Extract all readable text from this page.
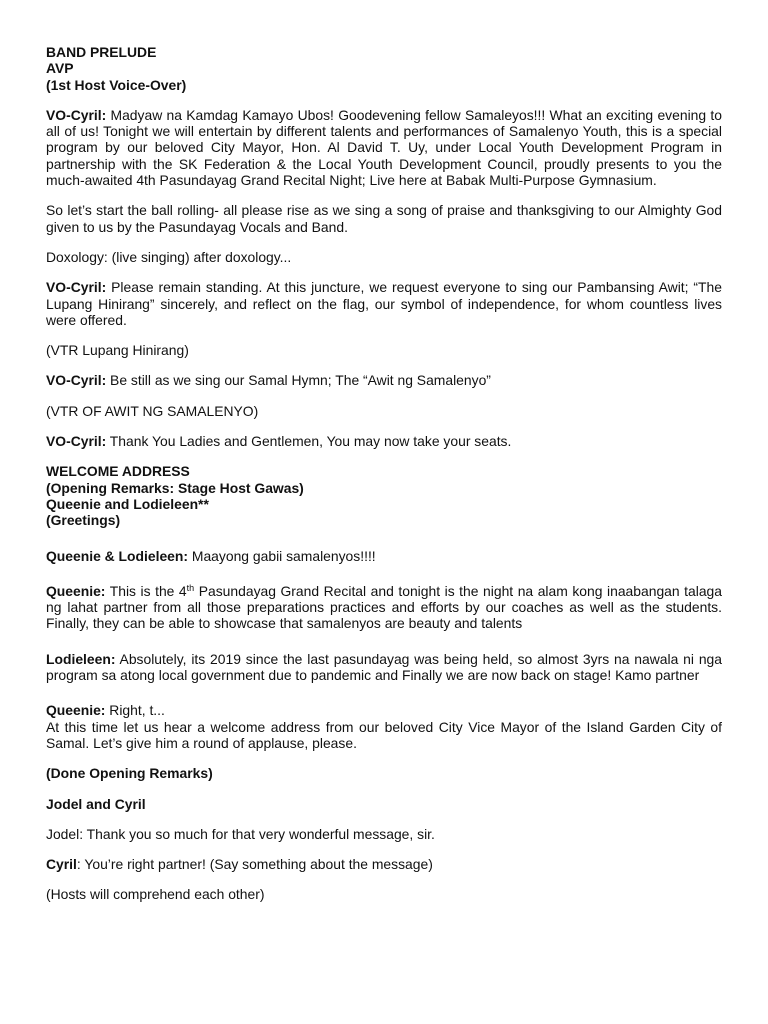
BAND PRELUDE

AVP

(1st Host Voice-Over)

VO-Cyril: Madyaw na Kamdag Kamayo Ubos! Goodevening fellow Samaleyos!!! What an exciting evening to all of us! Tonight we will entertain by different talents and performances of Samalenyo Youth, this is a special program by our beloved City Mayor, Hon. Al David T. Uy, under Local Youth Development Program in partnership with the SK Federation & the Local Youth Development Council, proudly presents to you the much-awaited 4th Pasundayag Grand Recital Night; Live here at Babak Multi-Purpose Gymnasium.

So let’s start the ball rolling- all please rise as we sing a song of praise and thanksgiving to our Almighty God given to us by the Pasundayag Vocals and Band.

Doxology: (live singing) after doxology...

VO-Cyril: Please remain standing. At this juncture, we request everyone to sing our Pambansing Awit; “The Lupang Hinirang” sincerely, and reflect on the flag, our symbol of independence, for whom countless lives were offered.

(VTR Lupang Hinirang)

VO-Cyril: Be still as we sing our Samal Hymn; The “Awit ng Samalenyo”

(VTR OF AWIT NG SAMALENYO)

VO-Cyril: Thank You Ladies and Gentlemen, You may now take your seats.

WELCOME ADDRESS

(Opening Remarks: Stage Host Gawas)

Queenie and Lodieleen**

(Greetings)

Queenie & Lodieleen: Maayong gabii samalenyos!!!!

Queenie: This is the 4th Pasundayag Grand Recital and tonight is the night na alam kong inaabangan talaga ng lahat partner from all those preparations practices and efforts by our coaches as well as the students. Finally, they can be able to showcase that samalenyos are beauty and talents

Lodieleen: Absolutely, its 2019 since the last pasundayag was being held, so almost 3yrs na nawala ni nga program sa atong local government due to pandemic and Finally we are now back on stage! Kamo partner

Queenie: Right, t...

At this time let us hear a welcome address from our beloved City Vice Mayor of the Island Garden City of Samal. Let’s give him a round of applause, please.

(Done Opening Remarks)

Jodel and Cyril

Jodel: Thank you so much for that very wonderful message, sir.

Cyril: You’re right partner! (Say something about the message)

(Hosts will comprehend each other)
